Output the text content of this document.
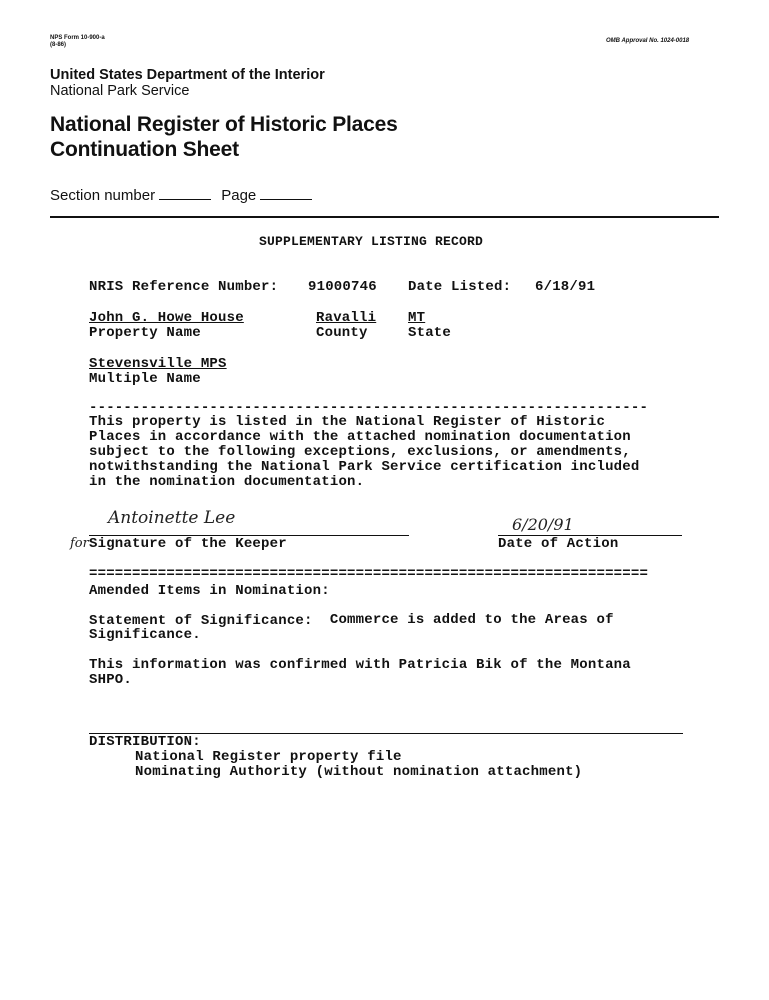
NPS Form 10-900-a
(8-86)
OMB Approval No. 1024-0018
United States Department of the Interior
National Park Service
National Register of Historic Places
Continuation Sheet
Section number	Page
SUPPLEMENTARY LISTING RECORD
NRIS Reference Number: 91000746 Date Listed: 6/18/91
John G. Howe House	Ravalli MT
Property Name	County	State
Stevensville MPS
Multiple Name
-----------------------------------------------------------------
This property is listed in the National Register of Historic
Places in accordance with the attached nomination documentation
subject to the following exceptions, exclusions, or amendments,
notwithstanding the National Park Service certification included
in the nomination documentation.
Antoinette Lee
for Signature of the Keeper
6/20/91
Date of Action
=================================================================
Amended Items in Nomination:
Statement of Significance:	Commerce is added to the Areas of
Significance.
This information was confirmed with Patricia Bik of the Montana
SHPO.
DISTRIBUTION:
National Register property file
Nominating Authority (without nomination attachment)
